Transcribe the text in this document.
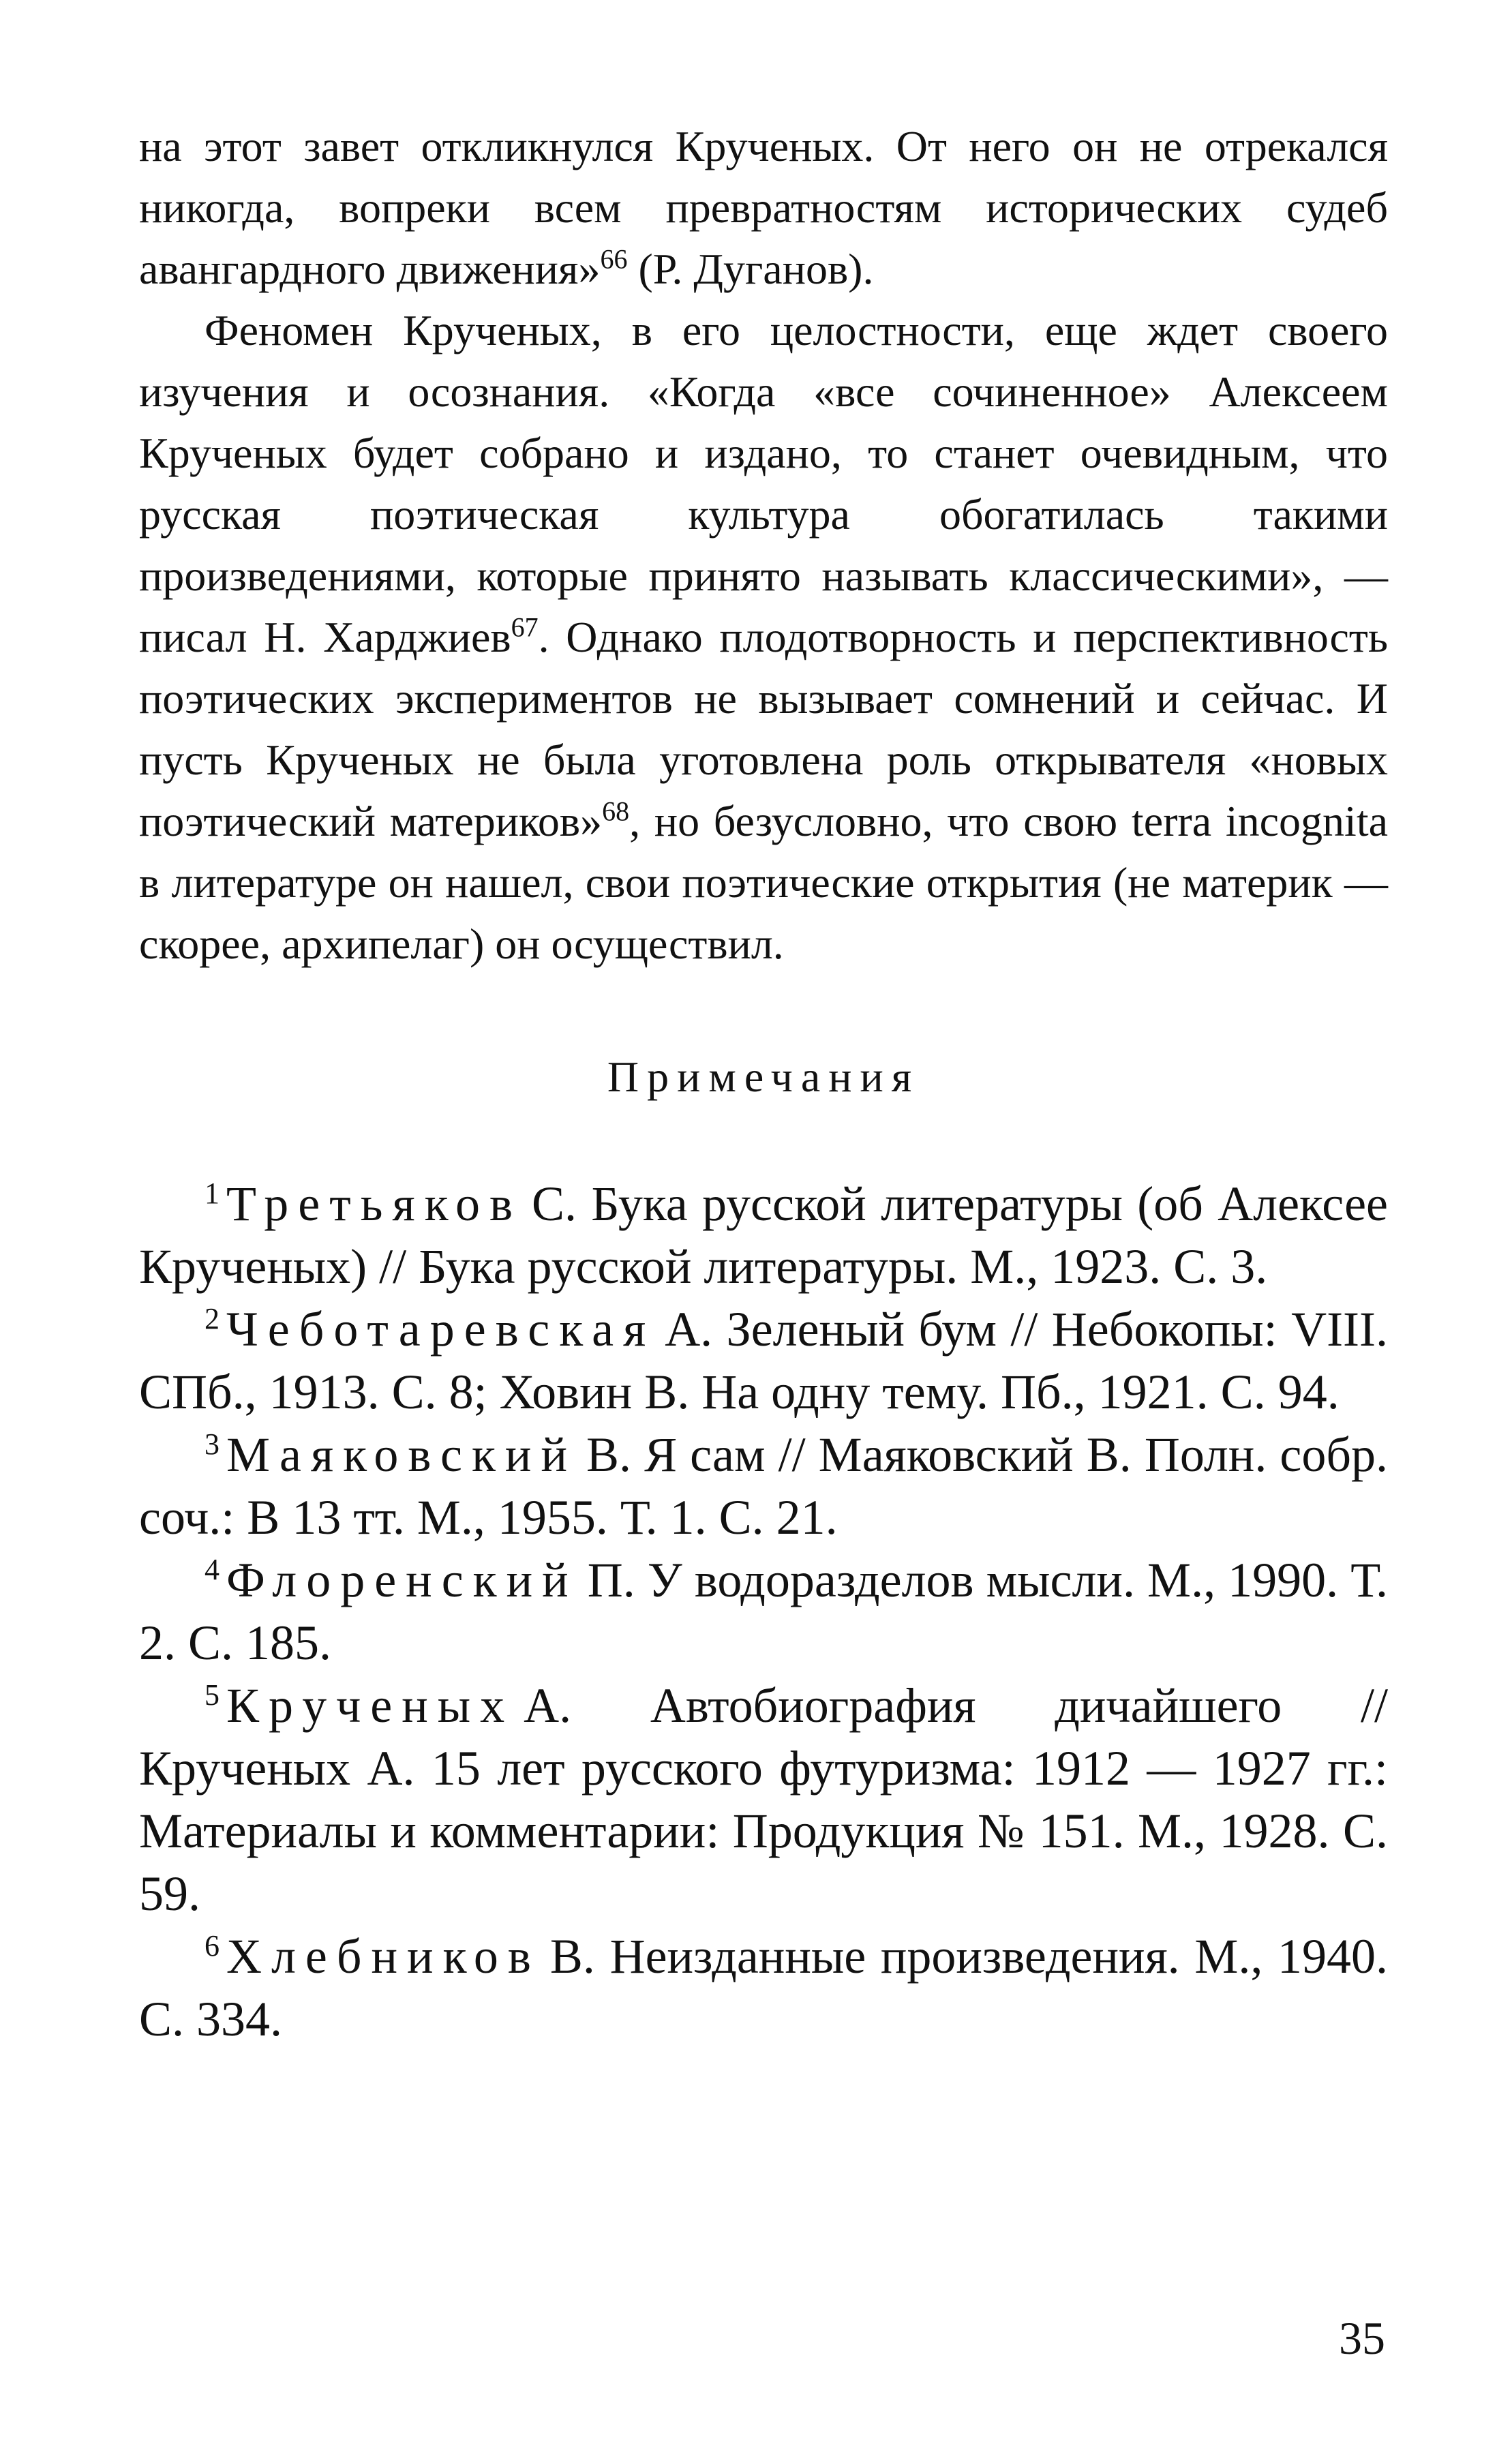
на этот завет откликнулся Крученых. От него он не отрекался никогда, вопреки всем превратностям исторических судеб авангардного движения»$^{66}$ (Р. Дуганов).

Феномен Крученых, в его целостности, еще ждет своего изучения и осознания. «Когда «все сочиненное» Алексеем Крученых будет собрано и издано, то станет очевидным, что русская поэтическая культура обогатилась такими произведениями, которые принято называть классическими», — писал Н. Харджиев$^{67}$. Однако плодотворность и перспективность поэтических экспериментов не вызывает сомнений и сейчас. И пусть Крученых не была уготовлена роль открывателя «новых поэтический материков»$^{68}$, но безусловно, что свою terra incognita в литературе он нашел, свои поэтические открытия (не материк — скорее, архипелаг) он осуществил.

Примечания

$^1$ Третьяков С. Бука русской литературы (об Алексее Крученых) // Бука русской литературы. М., 1923. С. 3.

$^2$ Чеботаревская А. Зеленый бум // Небокопы: VIII. СПб., 1913. С. 8; Ховин В. На одну тему. Пб., 1921. С. 94.

$^3$ Маяковский В. Я сам // Маяковский В. Полн. собр. соч.: В 13 тт. М., 1955. Т. 1. С. 21.

$^4$ Флоренский П. У водоразделов мысли. М., 1990. Т. 2. С. 185.

$^5$ Крученых А. Автобиография дичайшего // Крученых А. 15 лет русского футуризма: 1912 — 1927 гг.: Материалы и комментарии: Продукция № 151. М., 1928. С. 59.

$^6$ Хлебников В. Неизданные произведения. М., 1940. С. 334.

35
